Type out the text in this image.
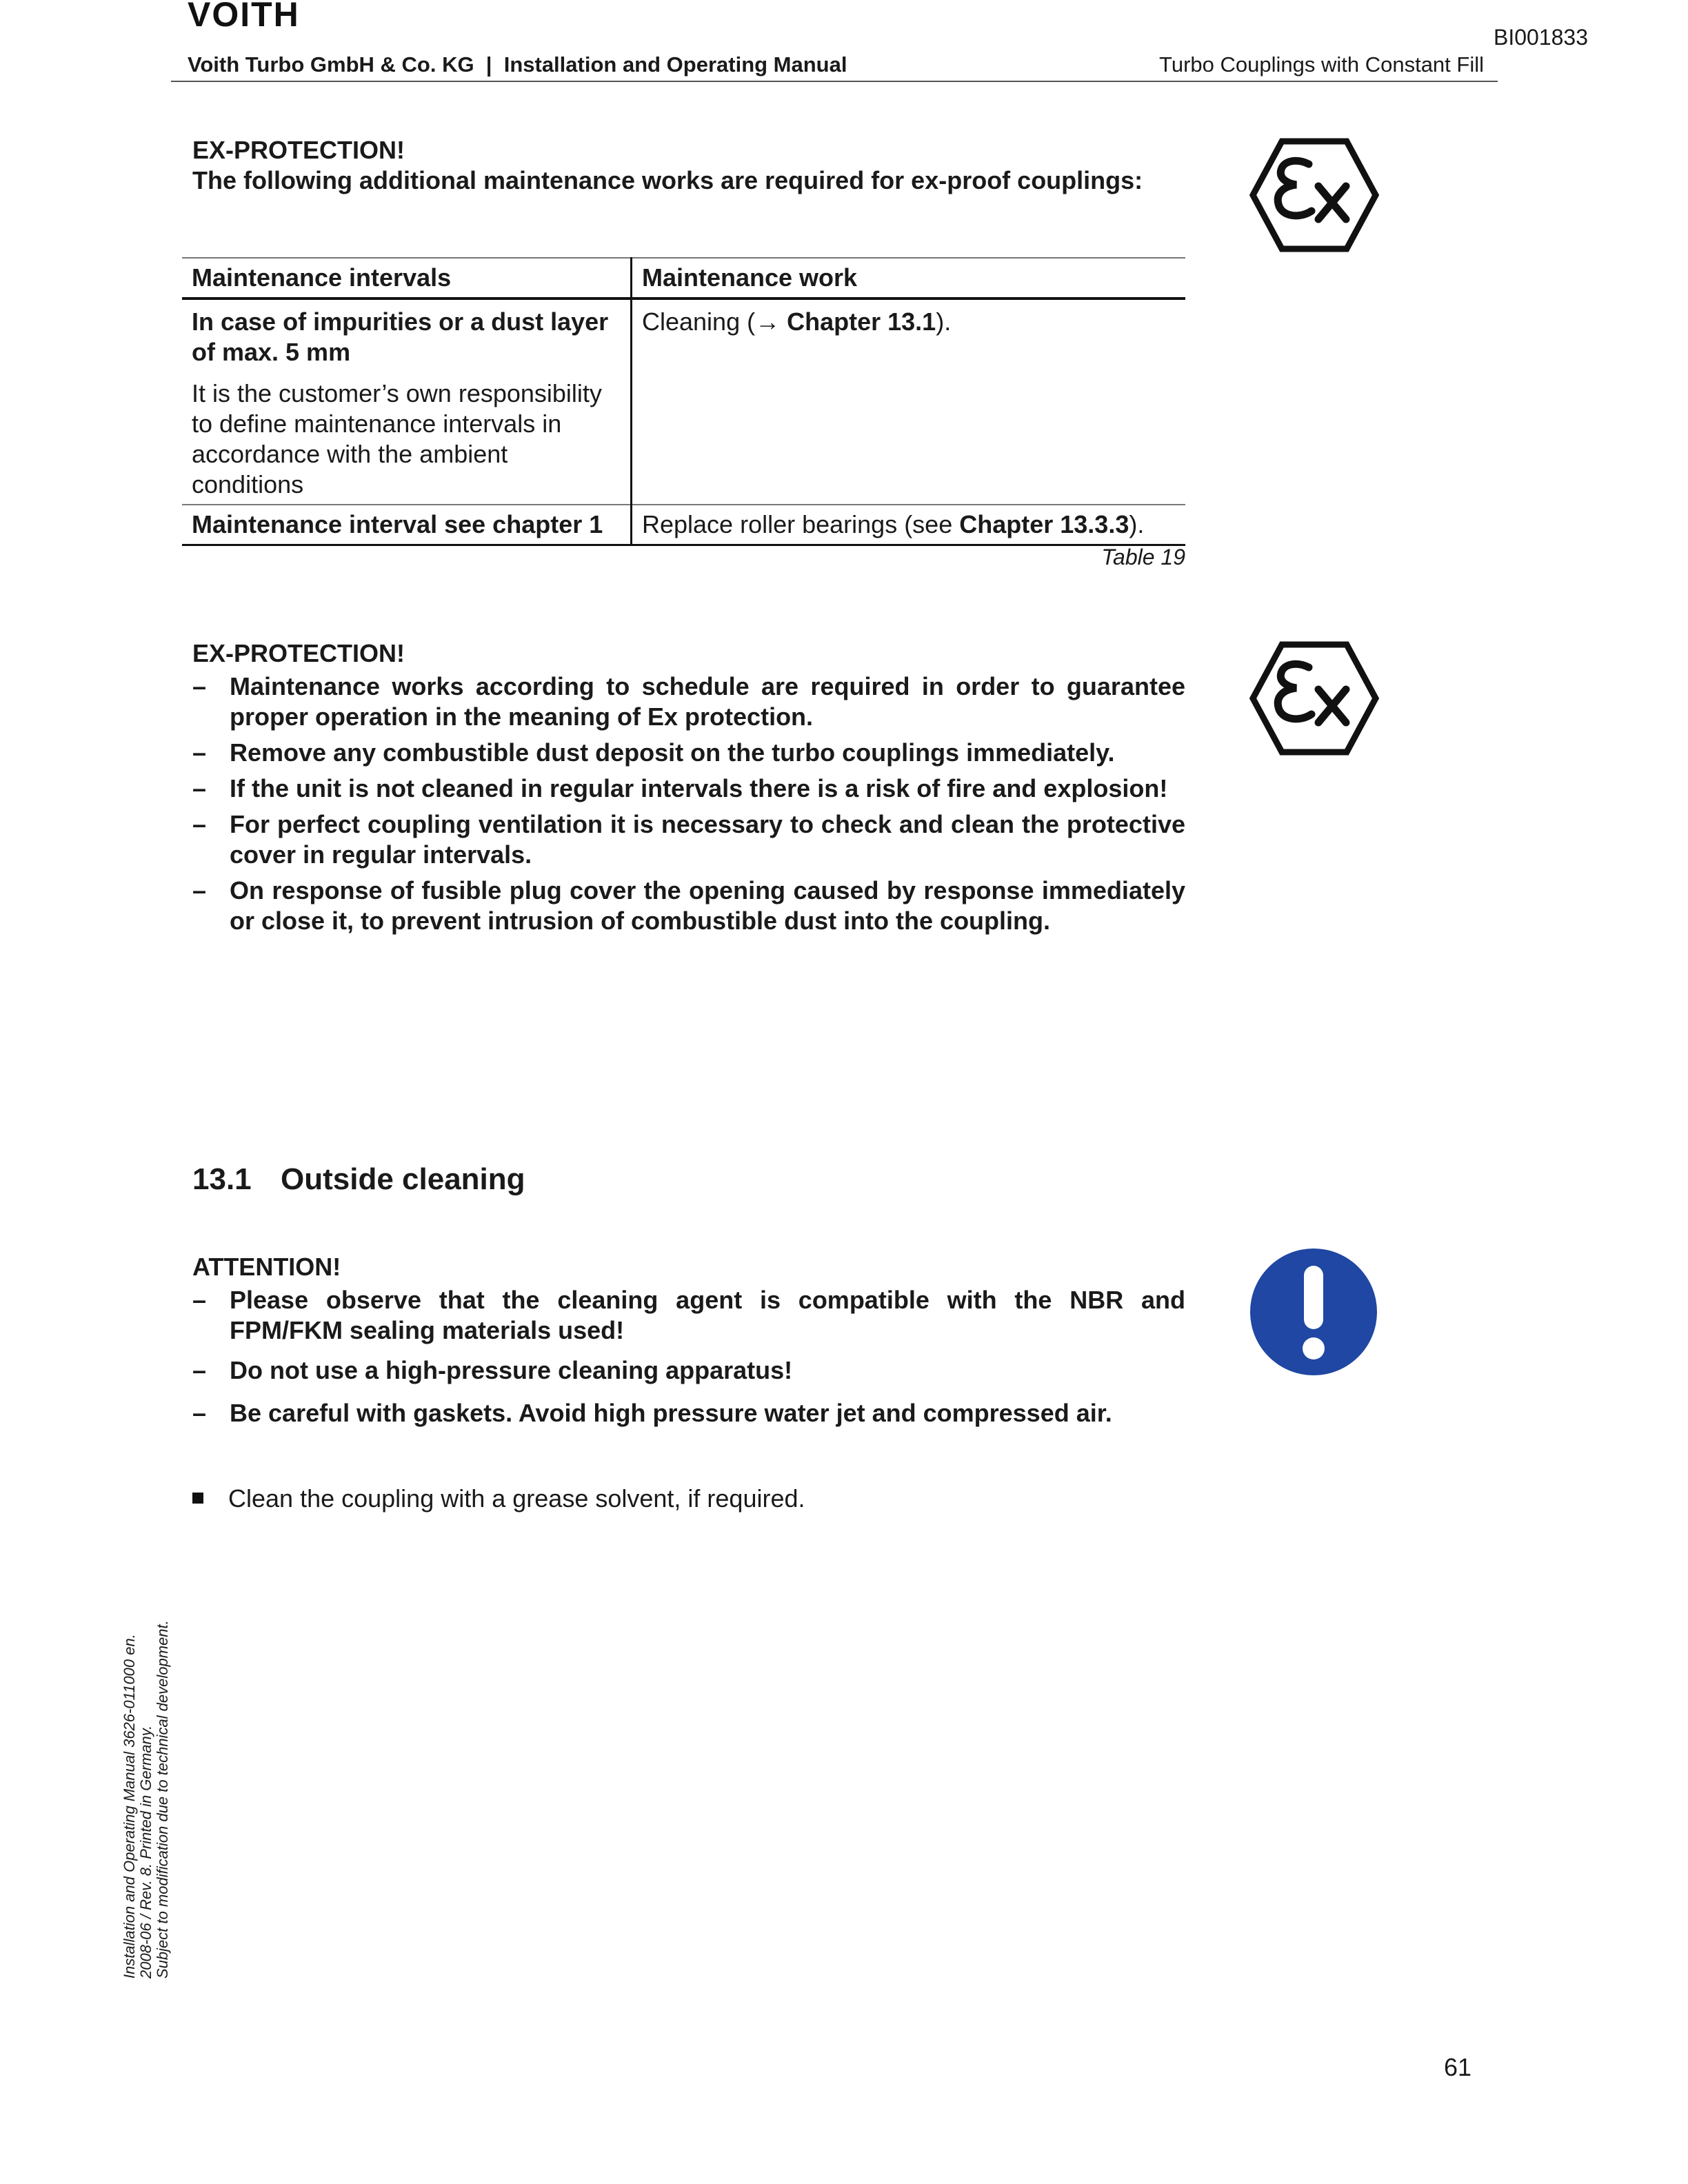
VOITH
BI001833
Voith Turbo GmbH & Co. KG  |  Installation and Operating Manual	Turbo Couplings with Constant Fill
EX-PROTECTION!
The following additional maintenance works are required for ex-proof couplings:
Maintenance intervals	Maintenance work

In case of impurities or a dust layer of max. 5 mm
It is the customer’s own responsibility to define maintenance intervals in accordance with the ambient conditions	Cleaning (→ Chapter 13.1).
Maintenance interval see chapter 1	Replace roller bearings (see Chapter 13.3.3).
Table 19
EX-PROTECTION!
– Maintenance works according to schedule are required in order to guarantee proper operation in the meaning of Ex protection.
– Remove any combustible dust deposit on the turbo couplings immediately.
– If the unit is not cleaned in regular intervals there is a risk of fire and explosion!
– For perfect coupling ventilation it is necessary to check and clean the protective cover in regular intervals.
– On response of fusible plug cover the opening caused by response immediately or close it, to prevent intrusion of combustible dust into the coupling.
13.1 Outside cleaning
ATTENTION!
– Please observe that the cleaning agent is compatible with the NBR and FPM/FKM sealing materials used!
– Do not use a high-pressure cleaning apparatus!
– Be careful with gaskets. Avoid high pressure water jet and compressed air.
Clean the coupling with a grease solvent, if required.
Installation and Operating Manual 3626-011000 en. 2008-06 / Rev. 8. Printed in Germany. Subject to modification due to technical development.
61
